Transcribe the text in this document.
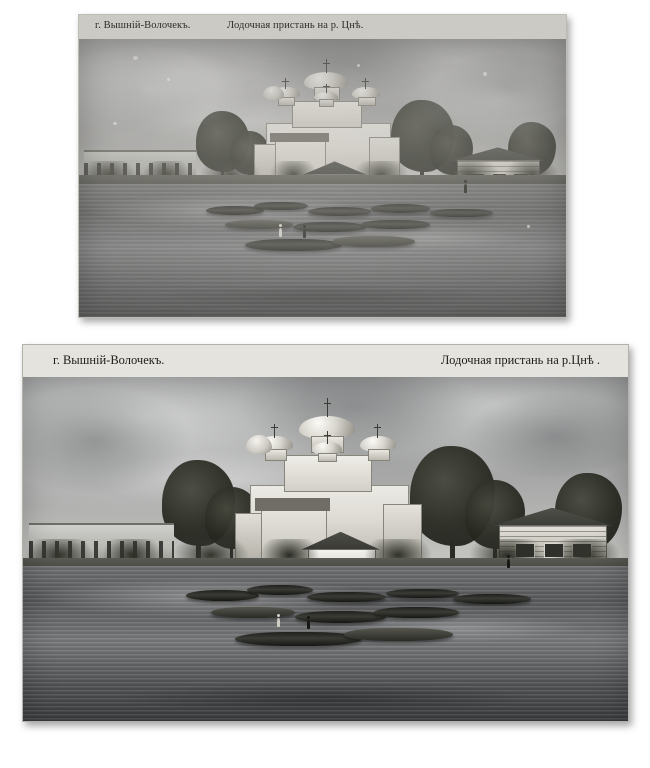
г. Вышній-Волочекъ.	Лодочная пристань на р. Цнѣ.
г. Вышній-Волочекъ.	Лодочная пристань на р.Цнѣ .
